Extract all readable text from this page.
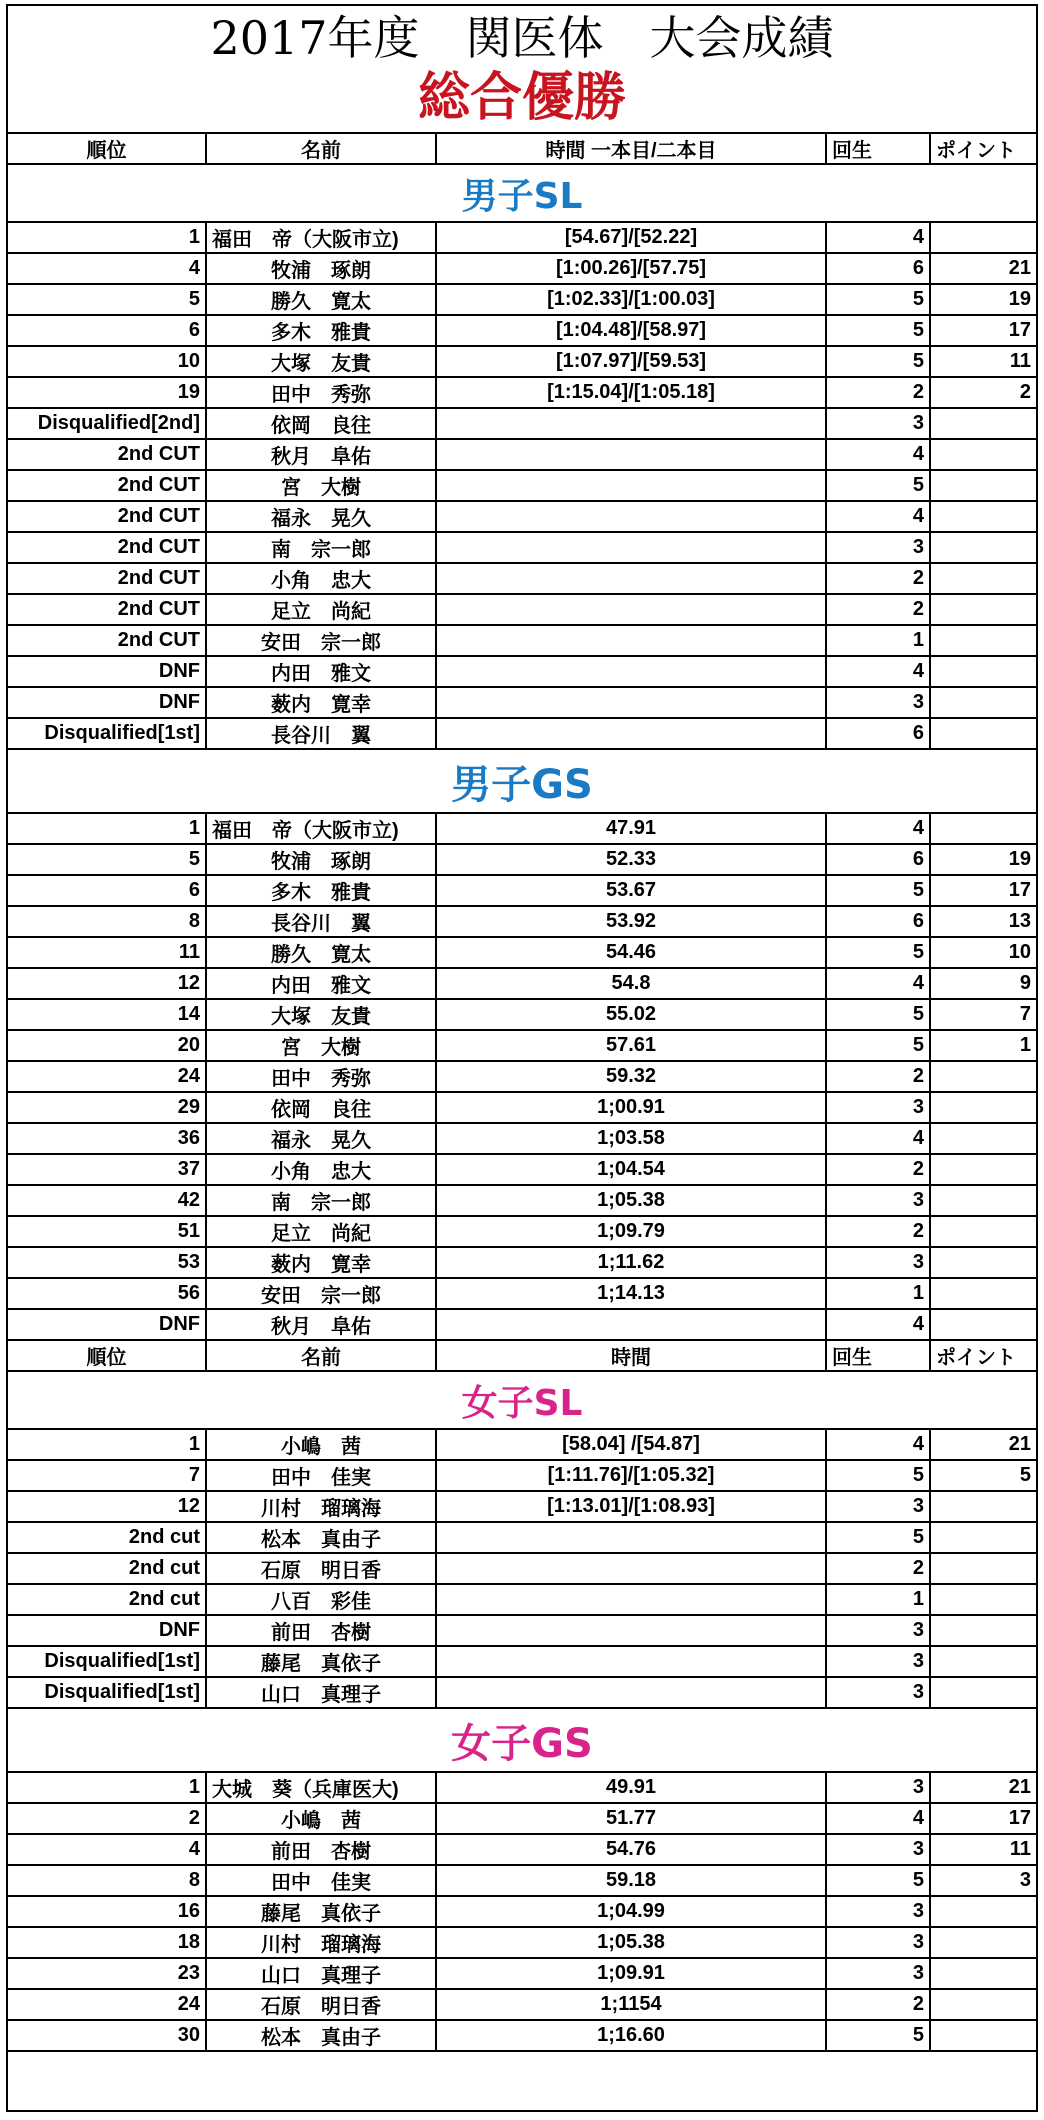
2017年度　関医体　大会成績
総合優勝
順位	名前	時間 一本目/二本目	回生	ポイント
男子SL				
1	福田　帝（大阪市立)	[54.67]/[52.22]	4	
4	牧浦　琢朗	[1:00.26]/[57.75]	6	21
5	勝久　寛太	[1:02.33]/[1:00.03]	5	19
6	多木　雅貴	[1:04.48]/[58.97]	5	17
10	大塚　友貴	[1:07.97]/[59.53]	5	11
19	田中　秀弥	[1:15.04]/[1:05.18]	2	2
Disqualified[2nd]	依岡　良往		3	
2nd CUT	秋月　阜佑		4	
2nd CUT	宮　大樹		5	
2nd CUT	福永　晃久		4	
2nd CUT	南　宗一郎		3	
2nd CUT	小角　忠大		2	
2nd CUT	足立　尚紀		2	
2nd CUT	安田　宗一郎		1	
DNF	内田　雅文		4	
DNF	薮内　寛幸		3	
Disqualified[1st]	長谷川　翼		6	
男子GS				
1	福田　帝（大阪市立)	47.91	4	
5	牧浦　琢朗	52.33	6	19
6	多木　雅貴	53.67	5	17
8	長谷川　翼	53.92	6	13
11	勝久　寛太	54.46	5	10
12	内田　雅文	54.8	4	9
14	大塚　友貴	55.02	5	7
20	宮　大樹	57.61	5	1
24	田中　秀弥	59.32	2	
29	依岡　良往	1;00.91	3	
36	福永　晃久	1;03.58	4	
37	小角　忠大	1;04.54	2	
42	南　宗一郎	1;05.38	3	
51	足立　尚紀	1;09.79	2	
53	薮内　寛幸	1;11.62	3	
56	安田　宗一郎	1;14.13	1	
DNF	秋月　阜佑		4	
順位	名前	時間	回生	ポイント
女子SL				
1	小嶋　茜	[58.04] /[54.87]	4	21
7	田中　佳実	[1:11.76]/[1:05.32]	5	5
12	川村　瑠璃海	[1:13.01]/[1:08.93]	3	
2nd cut	松本　真由子		5	
2nd cut	石原　明日香		2	
2nd cut	八百　彩佳		1	
DNF	前田　杏樹		3	
Disqualified[1st]	藤尾　真依子		3	
Disqualified[1st]	山口　真理子		3	
女子GS				
1	大城　葵（兵庫医大)	49.91	3	21
2	小嶋　茜	51.77	4	17
4	前田　杏樹	54.76	3	11
8	田中　佳実	59.18	5	3
16	藤尾　真依子	1;04.99	3	
18	川村　瑠璃海	1;05.38	3	
23	山口　真理子	1;09.91	3	
24	石原　明日香	1;1154	2	
30	松本　真由子	1;16.60	5	
